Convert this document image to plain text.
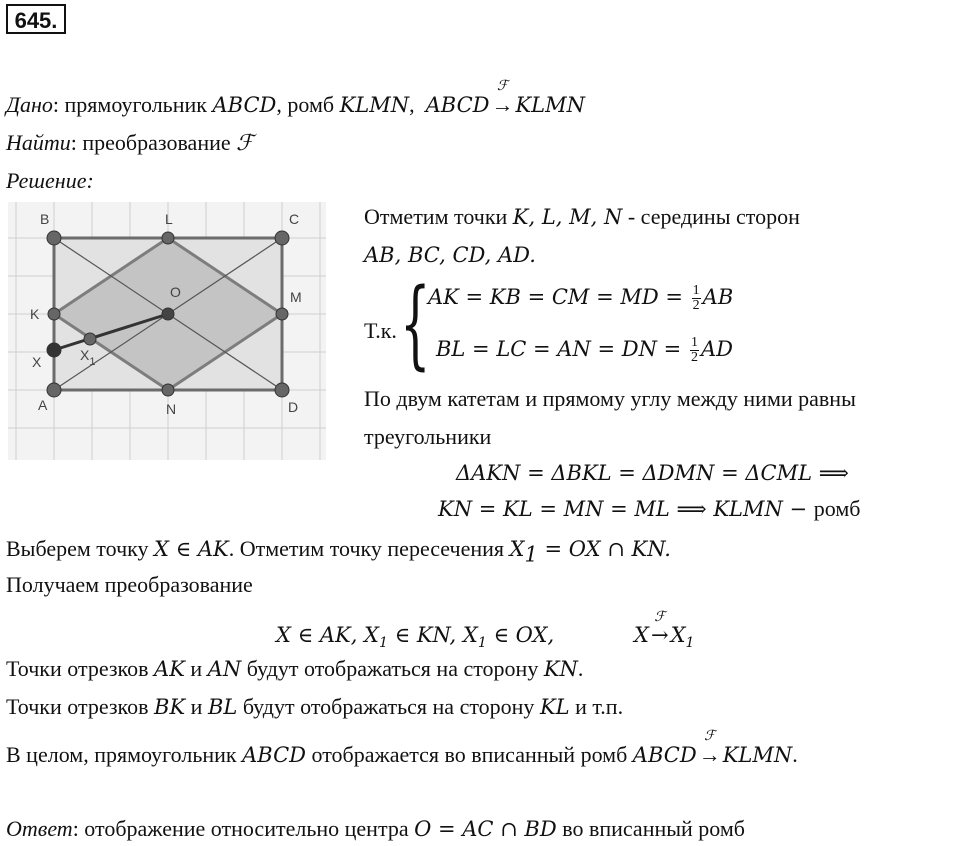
645.
Дано: прямоугольник ABCD, ромб KLMN,  ABCD
ℱ
→KLMN
Найти: преобразование ℱ
Решение:
B	L	C
K
O	M
X	$X_1$
A	N	D
Отметим точки K, L, M, N - середины сторон
AB, BC, CD, AD.
Т.к. {
AK = KB = CM = MD = $\frac{1}{2}$ AB
BL = LC = AN = DN = $\frac{1}{2}$ AD
По двум катетам и прямому углу между ними равны
треугольники
ΔAKN = ΔBKL = ΔDMN = ΔCML ⟹
KN = KL = MN = ML ⟹ KLMN − ромб
Выберем точку X ∈ AK. Отметим точку пересечения $X_1$ = OX ∩ KN.
Получаем преобразование
X ∈ AK, $X_1$ ∈ KN, $X_1$ ∈ OX,	X
ℱ
$\to X_1$
Точки отрезков AK и AN будут отображаться на сторону KN.
Точки отрезков BK и BL будут отображаться на сторону KL и т.п.
В целом, прямоугольник ABCD отображается во вписанный ромб ABCD
ℱ
→KLMN.
Ответ: отображение относительно центра O = AC ∩ BD во вписанный ромб
